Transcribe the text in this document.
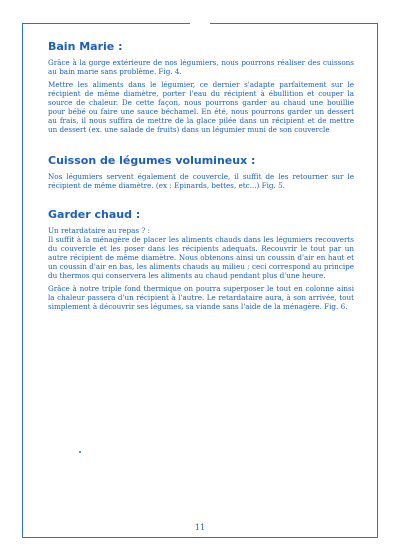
Bain Marie :

Grâce à la gorge extérieure de nos légumiers, nous pourrons réaliser des cuissons au bain marie sans problème. Fig. 4.

Mettre les aliments dans le légumier, ce dernier s'adapte parfaitement sur le récipient de même diamètre, porter l'eau du récipient à ébullition et couper la source de chaleur. De cette façon, nous pourrons garder au chaud une bouillie pour bébé ou faire une sauce béchamel. En été, nous pourrons garder un dessert au frais, il nous suffira de mettre de la glace pilée dans un récipient et de mettre un dessert (ex. une salade de fruits) dans un légumier muni de son couvercle

Cuisson de légumes volumineux :

Nos légumiers servent également de couvercle, il suffit de les retourner sur le récipient de même diamètre. (ex : Epinards, bettes, etc...) Fig. 5.

Garder chaud :

Un retardataire au repas ? :

Il suffit à la ménagère de placer les aliments chauds dans les légumiers recouverts du couvercle et les poser dans les récipients adequats. Recouvrir le tout par un autre récipient de même diamètre. Nous obtenons ainsi un coussin d'air en haut et un coussin d'air en bas, les aliments chauds au milieu ; ceci correspond au principe du thermos qui conservera les aliments au chaud pendant plus d'une heure.

Grâce à notre triple fond thermique on pourra superposer le tout en colonne ainsi la chaleur passera d'un récipient à l'autre. Le retardataire aura, à son arrivée, tout simplement à découvrir ses légumes, sa viande sans l'aide de la ménagère. Fig. 6.

11
